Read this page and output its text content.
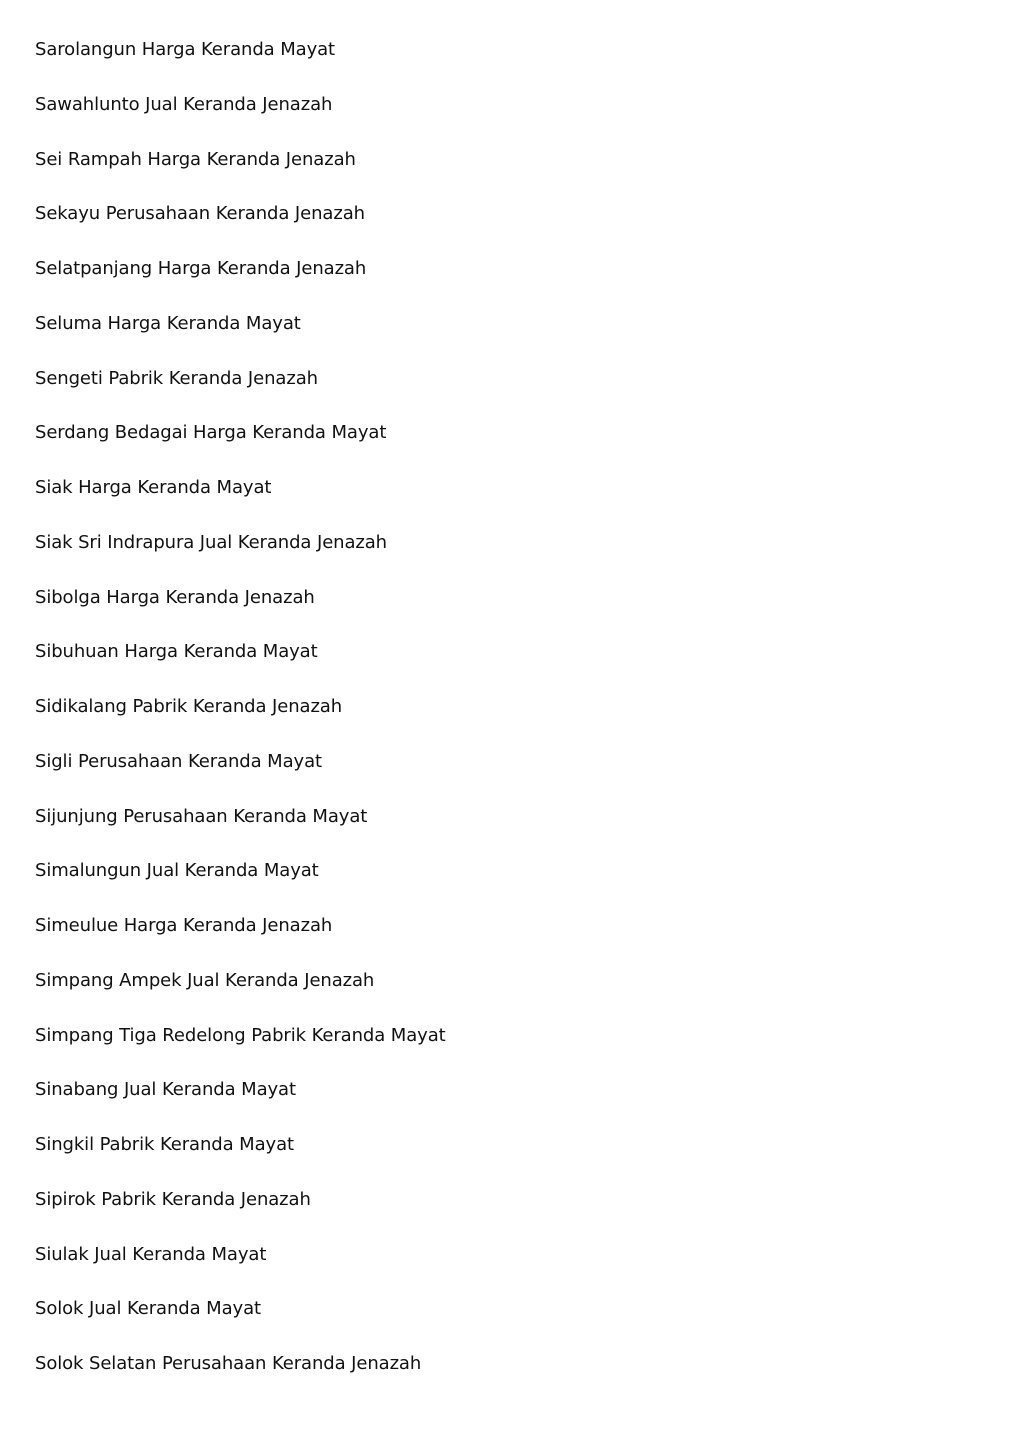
Sarolangun Harga Keranda Mayat
Sawahlunto Jual Keranda Jenazah
Sei Rampah Harga Keranda Jenazah
Sekayu Perusahaan Keranda Jenazah
Selatpanjang Harga Keranda Jenazah
Seluma Harga Keranda Mayat
Sengeti Pabrik Keranda Jenazah
Serdang Bedagai Harga Keranda Mayat
Siak Harga Keranda Mayat
Siak Sri Indrapura Jual Keranda Jenazah
Sibolga Harga Keranda Jenazah
Sibuhuan Harga Keranda Mayat
Sidikalang Pabrik Keranda Jenazah
Sigli Perusahaan Keranda Mayat
Sijunjung Perusahaan Keranda Mayat
Simalungun Jual Keranda Mayat
Simeulue Harga Keranda Jenazah
Simpang Ampek Jual Keranda Jenazah
Simpang Tiga Redelong Pabrik Keranda Mayat
Sinabang Jual Keranda Mayat
Singkil Pabrik Keranda Mayat
Sipirok Pabrik Keranda Jenazah
Siulak Jual Keranda Mayat
Solok Jual Keranda Mayat
Solok Selatan Perusahaan Keranda Jenazah
